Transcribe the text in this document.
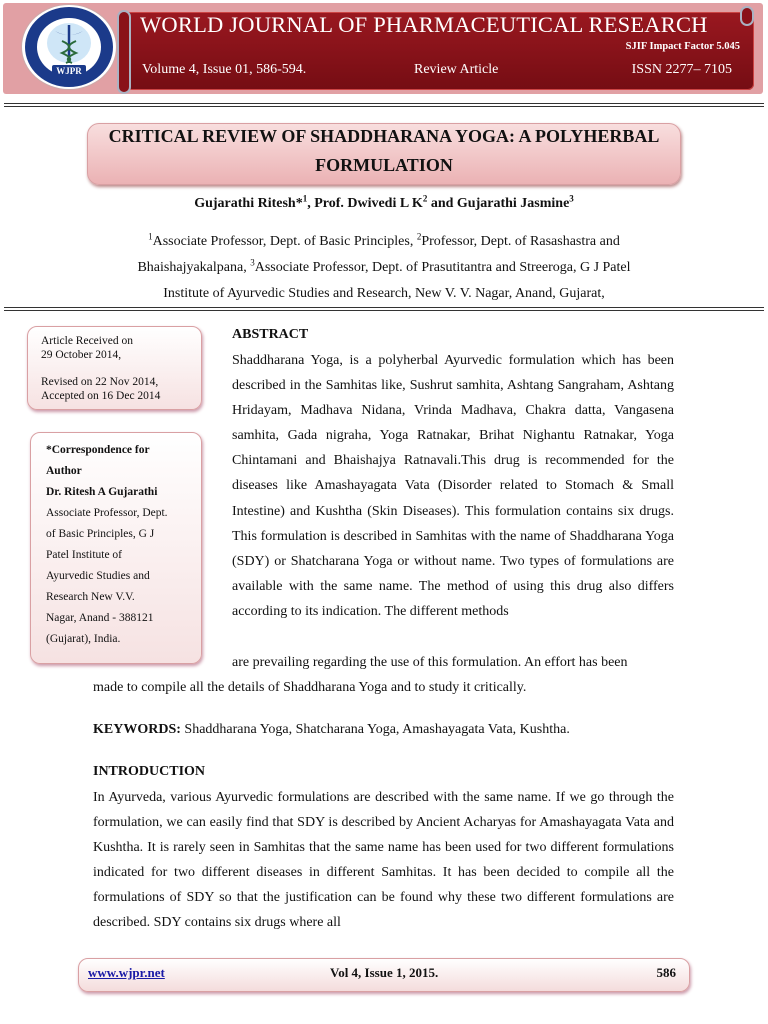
WJPR
WORLD JOURNAL OF PHARMACEUTICAL RESEARCH
SJIF Impact Factor 5.045
Volume 4, Issue 01, 586-594.	Review Article	ISSN 2277– 7105
CRITICAL REVIEW OF SHADDHARANA YOGA: A POLYHERBAL
FORMULATION
Gujarathi Ritesh*$^1$, Prof. Dwivedi L $K^2$ and Gujarathi Jasmine$^3$
$^1$Associate Professor, Dept. of Basic Principles, $^2$Professor, Dept. of Rasashastra and
Bhaishajyakalpana, $^3$Associate Professor, Dept. of Prasutitantra and Streeroga, G J Patel
Institute of Ayurvedic Studies and Research, New V. V. Nagar, Anand, Gujarat,
Article Received on
29 October 2014,
Revised on 22 Nov 2014,
Accepted on 16 Dec 2014
*Correspondence for
Author
Dr. Ritesh A Gujarathi
Associate Professor, Dept.
of Basic Principles, G J
Patel Institute of
Ayurvedic Studies and
Research New V.V.
Nagar, Anand - 388121
(Gujarat), India.
ABSTRACT
Shaddharana Yoga, is a polyherbal Ayurvedic formulation which has been described in the Samhitas like, Sushrut samhita, Ashtang Sangraham, Ashtang Hridayam, Madhava Nidana, Vrinda Madhava, Chakra datta, Vangasena samhita, Gada nigraha, Yoga Ratnakar, Brihat Nighantu Ratnakar, Yoga Chintamani and Bhaishajya Ratnavali.This drug is recommended for the diseases like Amashayagata Vata (Disorder related to Stomach & Small Intestine) and Kushtha (Skin Diseases). This formulation contains six drugs. This formulation is described in Samhitas with the name of Shaddharana Yoga (SDY) or Shatcharana Yoga or without name. Two types of formulations are available with the same name. The method of using this drug also differs according to its indication. The different methods
are prevailing regarding the use of this formulation. An effort has been
made to compile all the details of Shaddharana Yoga and to study it critically.
KEYWORDS: Shaddharana Yoga, Shatcharana Yoga, Amashayagata Vata, Kushtha.
INTRODUCTION
In Ayurveda, various Ayurvedic formulations are described with the same name. If we go through the formulation, we can easily find that SDY is described by Ancient Acharyas for Amashayagata Vata and Kushtha. It is rarely seen in Samhitas that the same name has been used for two different formulations indicated for two different diseases in different Samhitas. It has been decided to compile all the formulations of SDY so that the justification can be found why these two different formulations are described. SDY contains six drugs where all
www.wjpr.net	Vol 4, Issue 1, 2015.	586
